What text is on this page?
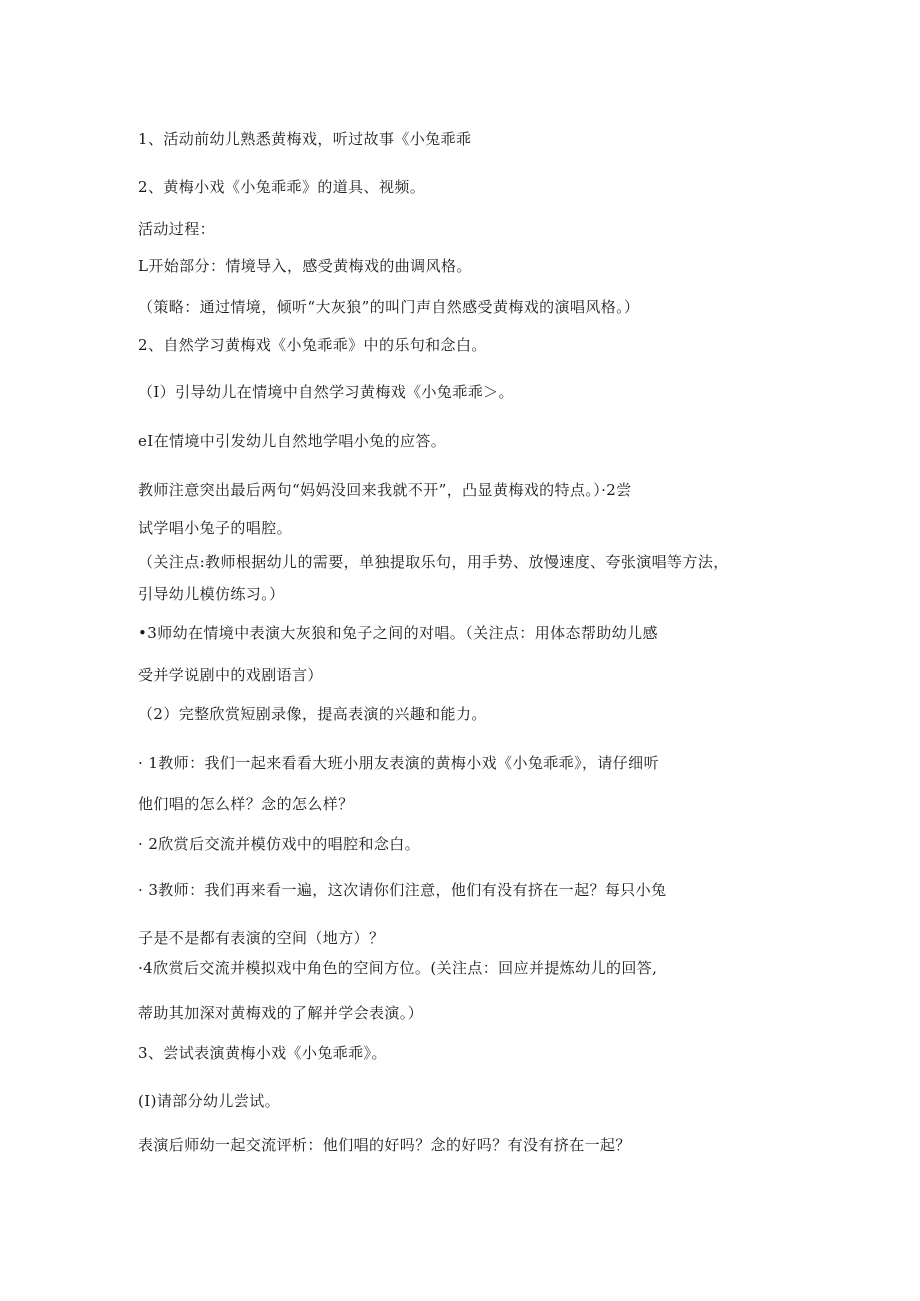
1、活动前幼儿熟悉黄梅戏，听过故事《小兔乖乖
2、黄梅小戏《小兔乖乖》的道具、视频。
活动过程：
L开始部分：情境导入，感受黄梅戏的曲调风格。
（策略：通过情境，倾听“大灰狼”的叫门声自然感受黄梅戏的演唱风格。）
2、自然学习黄梅戏《小兔乖乖》中的乐句和念白。
（I）引导幼儿在情境中自然学习黄梅戏《小兔乖乖＞。
eI在情境中引发幼儿自然地学唱小兔的应答。
教师注意突出最后两句“妈妈没回来我就不开”，凸显黄梅戏的特点。）·2尝
试学唱小兔子的唱腔。
（关注点:教师根据幼儿的需要，单独提取乐句，用手势、放慢速度、夸张演唱等方法，
引导幼儿模仿练习。）
•3师幼在情境中表演大灰狼和兔子之间的对唱。（关注点：用体态帮助幼儿感
受并学说剧中的戏剧语言）
（2）完整欣赏短剧录像，提高表演的兴趣和能力。
· 1教师：我们一起来看看大班小朋友表演的黄梅小戏《小兔乖乖》，请仔细听
他们唱的怎么样？念的怎么样？
· 2欣赏后交流并模仿戏中的唱腔和念白。
· 3教师：我们再来看一遍，这次请你们注意，他们有没有挤在一起？每只小兔
子是不是都有表演的空间（地方）？
·4欣赏后交流并模拟戏中角色的空间方位。(关注点：回应并提炼幼儿的回答,
蒂助其加深对黄梅戏的了解并学会表演。）
3、尝试表演黄梅小戏《小兔乖乖》。
(I)请部分幼儿尝试。
表演后师幼一起交流评析：他们唱的好吗？念的好吗？有没有挤在一起？
